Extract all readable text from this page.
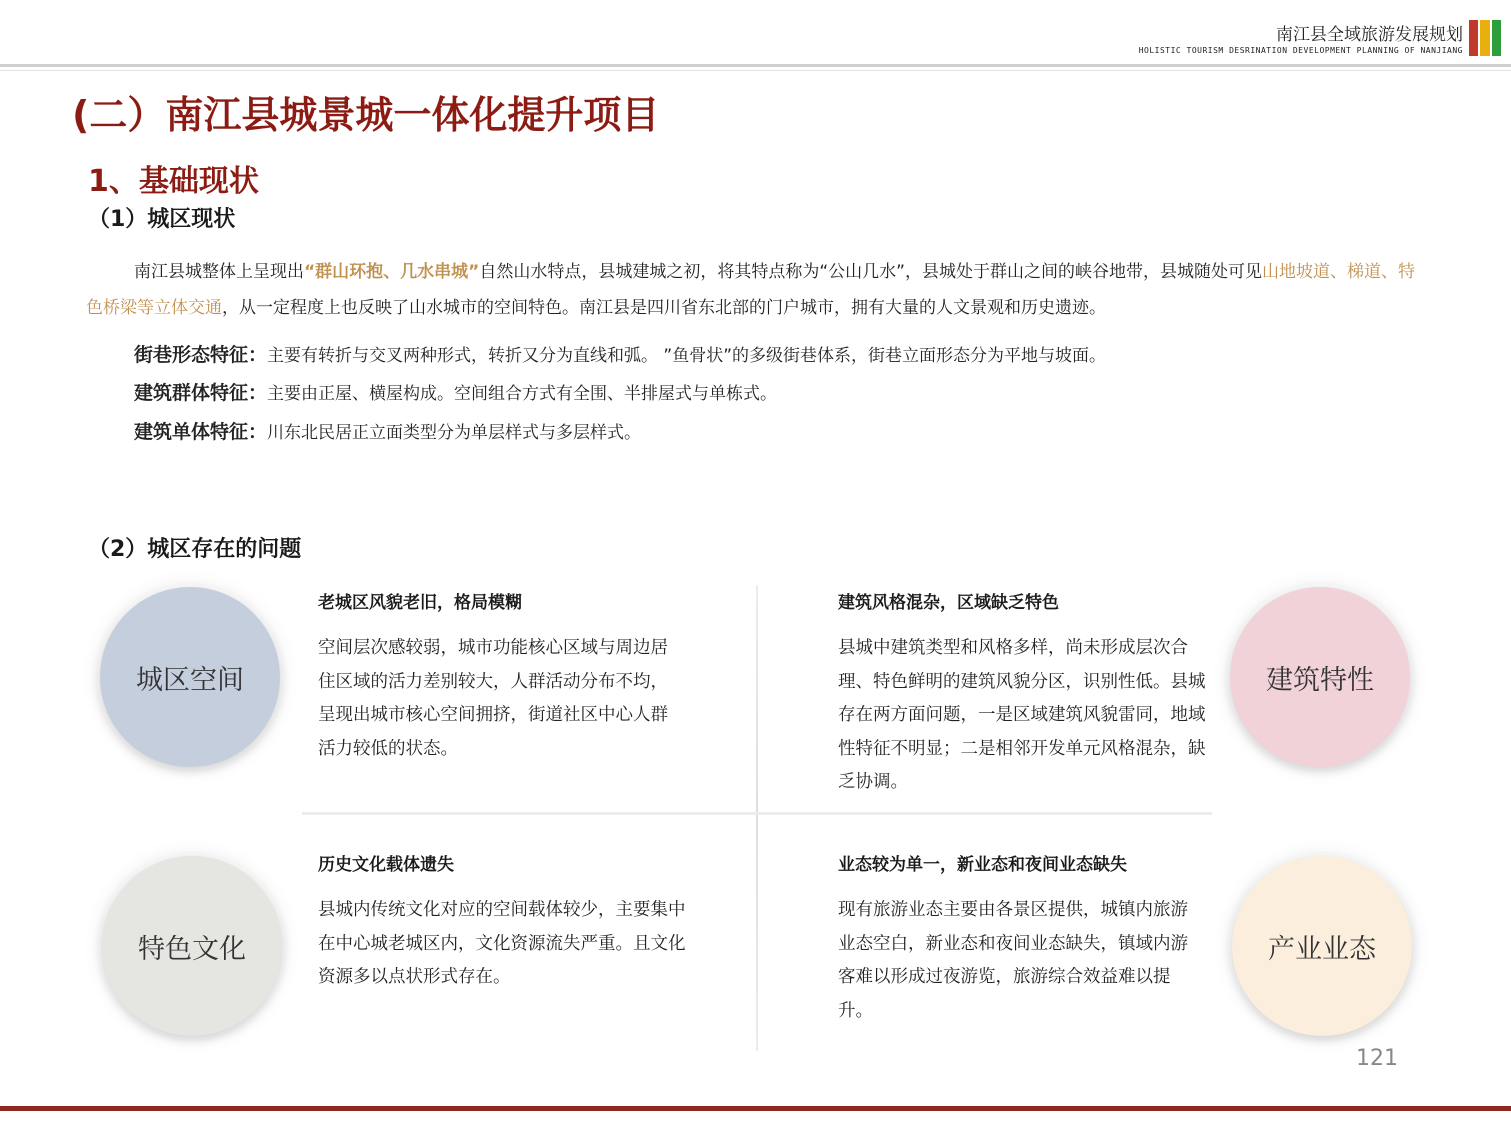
南江县全域旅游发展规划
HOLISTIC TOURISM DESRINATION DEVELOPMENT PLANNING OF NANJIANG
(二）南江县城景城一体化提升项目
1、基础现状
（1）城区现状
南江县城整体上呈现出“群山环抱、几水串城”自然山水特点，县城建城之初，将其特点称为“公山几水”，县城处于群山之间的峡谷地带，县城随处可见山地坡道、梯道、特色桥梁等立体交通，从一定程度上也反映了山水城市的空间特色。南江县是四川省东北部的门户城市，拥有大量的人文景观和历史遗迹。
街巷形态特征：主要有转折与交叉两种形式，转折又分为直线和弧。 ”鱼骨状”的多级街巷体系，街巷立面形态分为平地与坡面。
建筑群体特征：主要由正屋、横屋构成。空间组合方式有全围、半排屋式与单栋式。
建筑单体特征：川东北民居正立面类型分为单层样式与多层样式。
（2）城区存在的问题
城区空间
老城区风貌老旧，格局模糊
空间层次感较弱，城市功能核心区域与周边居住区域的活力差别较大，人群活动分布不均，呈现出城市核心空间拥挤，街道社区中心人群活力较低的状态。
建筑特性
建筑风格混杂，区域缺乏特色
县城中建筑类型和风格多样，尚未形成层次合理、特色鲜明的建筑风貌分区，识别性低。县城存在两方面问题，一是区域建筑风貌雷同，地域性特征不明显；二是相邻开发单元风格混杂，缺乏协调。
特色文化
历史文化载体遗失
县城内传统文化对应的空间载体较少，主要集中在中心城老城区内，文化资源流失严重。且文化资源多以点状形式存在。
产业业态
业态较为单一，新业态和夜间业态缺失
现有旅游业态主要由各景区提供，城镇内旅游业态空白，新业态和夜间业态缺失，镇域内游客难以形成过夜游览，旅游综合效益难以提升。
121
